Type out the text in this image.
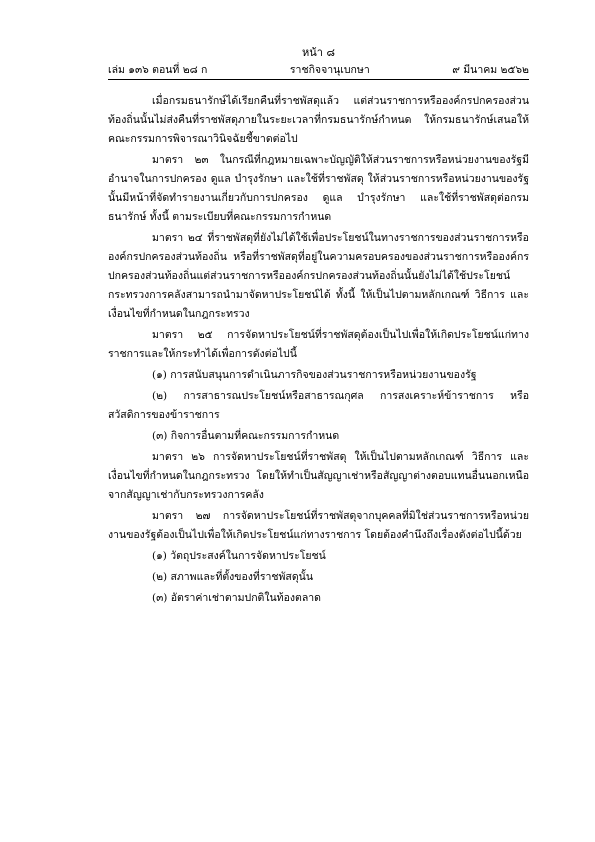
หน้า ๘
เล่ม ๑๓๖ ตอนที่ ๒๘ ก	ราชกิจจานุเบกษา	๙ มีนาคม ๒๕๖๒

เมื่อกรมธนารักษ์ได้เรียกคืนที่ราชพัสดุแล้ว แต่ส่วนราชการหรือองค์กรปกครองส่วนท้องถิ่นนั้นไม่ส่งคืนที่ราชพัสดุภายในระยะเวลาที่กรมธนารักษ์กำหนด ให้กรมธนารักษ์เสนอให้คณะกรรมการพิจารณาวินิจฉัยชี้ขาดต่อไป

มาตรา ๒๓ ในกรณีที่กฎหมายเฉพาะบัญญัติให้ส่วนราชการหรือหน่วยงานของรัฐมีอำนาจในการปกครอง ดูแล บำรุงรักษา และใช้ที่ราชพัสดุ ให้ส่วนราชการหรือหน่วยงานของรัฐนั้นมีหน้าที่จัดทำรายงานเกี่ยวกับการปกครอง ดูแล บำรุงรักษา และใช้ที่ราชพัสดุต่อกรมธนารักษ์ ทั้งนี้ ตามระเบียบที่คณะกรรมการกำหนด

มาตรา ๒๔ ที่ราชพัสดุที่ยังไม่ได้ใช้เพื่อประโยชน์ในทางราชการของส่วนราชการหรือองค์กรปกครองส่วนท้องถิ่น หรือที่ราชพัสดุที่อยู่ในความครอบครองของส่วนราชการหรือองค์กรปกครองส่วนท้องถิ่นแต่ส่วนราชการหรือองค์กรปกครองส่วนท้องถิ่นนั้นยังไม่ได้ใช้ประโยชน์ กระทรวงการคลังสามารถนำมาจัดหาประโยชน์ได้ ทั้งนี้ ให้เป็นไปตามหลักเกณฑ์ วิธีการ และเงื่อนไขที่กำหนดในกฎกระทรวง

มาตรา ๒๕ การจัดหาประโยชน์ที่ราชพัสดุต้องเป็นไปเพื่อให้เกิดประโยชน์แก่ทางราชการและให้กระทำได้เพื่อการดังต่อไปนี้

(๑) การสนับสนุนการดำเนินภารกิจของส่วนราชการหรือหน่วยงานของรัฐ

(๒) การสาธารณประโยชน์หรือสาธารณกุศล การสงเคราะห์ข้าราชการ หรือสวัสดิการของข้าราชการ

(๓) กิจการอื่นตามที่คณะกรรมการกำหนด

มาตรา ๒๖ การจัดหาประโยชน์ที่ราชพัสดุ ให้เป็นไปตามหลักเกณฑ์ วิธีการ และเงื่อนไขที่กำหนดในกฎกระทรวง โดยให้ทำเป็นสัญญาเช่าหรือสัญญาต่างตอบแทนอื่นนอกเหนือจากสัญญาเช่ากับกระทรวงการคลัง

มาตรา ๒๗ การจัดหาประโยชน์ที่ราชพัสดุจากบุคคลที่มิใช่ส่วนราชการหรือหน่วยงานของรัฐต้องเป็นไปเพื่อให้เกิดประโยชน์แก่ทางราชการ โดยต้องคำนึงถึงเรื่องดังต่อไปนี้ด้วย

(๑) วัตถุประสงค์ในการจัดหาประโยชน์

(๒) สภาพและที่ตั้งของที่ราชพัสดุนั้น

(๓) อัตราค่าเช่าตามปกติในท้องตลาด
